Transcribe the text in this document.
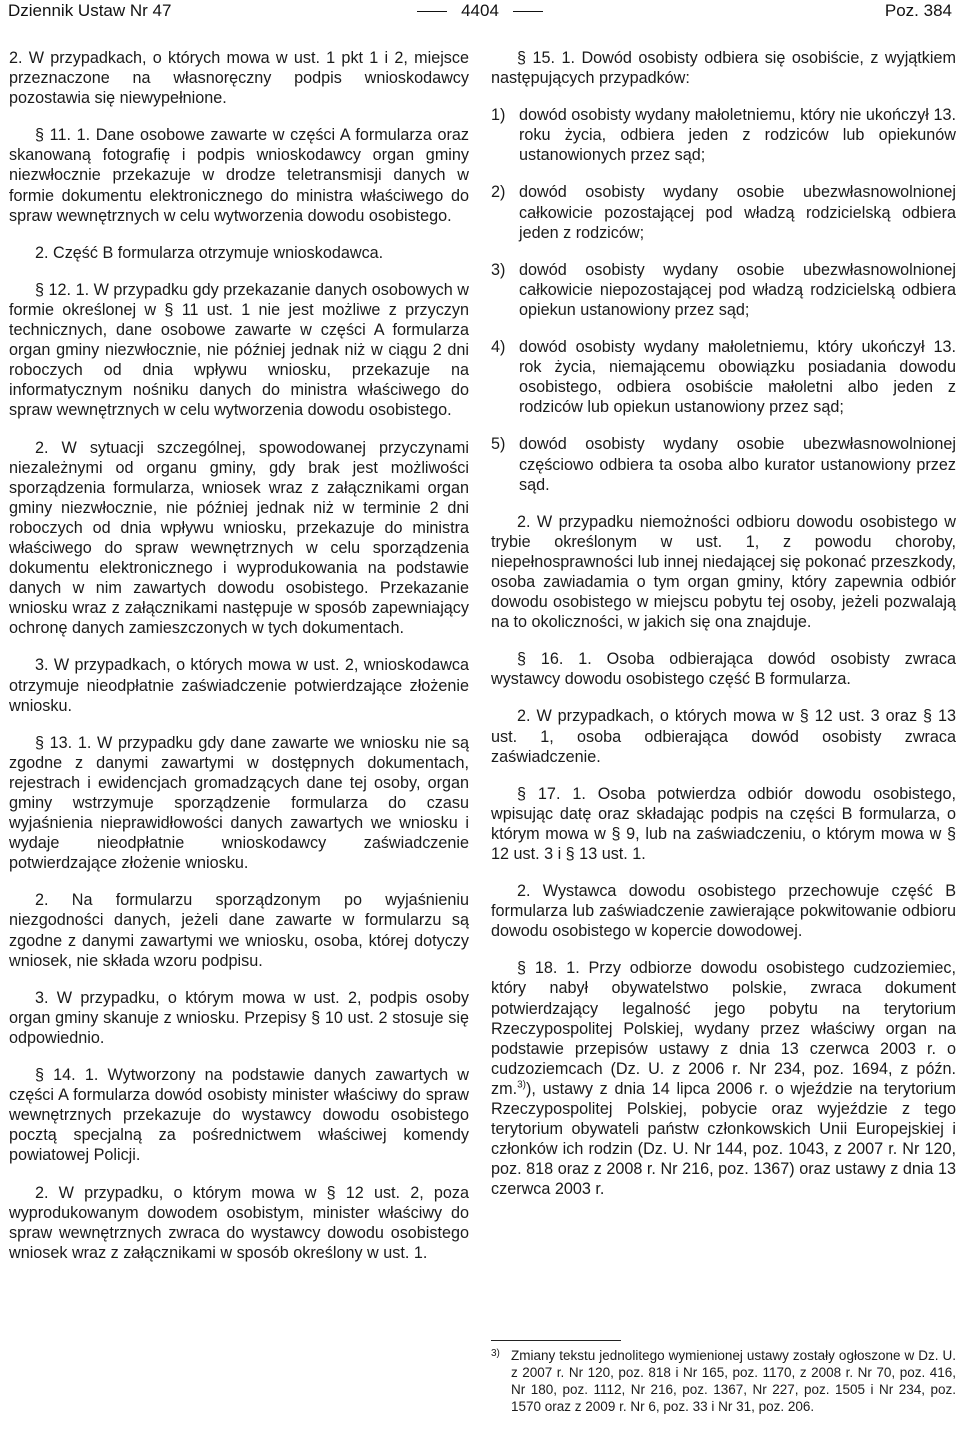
Dziennik Ustaw Nr 47	4404	Poz. 384

2. W przypadkach, o których mowa w ust. 1 pkt 1 i 2, miejsce przeznaczone na własnoręczny podpis wnioskodawcy pozostawia się niewypełnione.

§ 11. 1. Dane osobowe zawarte w części A formularza oraz skanowaną fotografię i podpis wnioskodawcy organ gminy niezwłocznie przekazuje w drodze teletransmisji danych w formie dokumentu elektronicznego do ministra właściwego do spraw wewnętrznych w celu wytworzenia dowodu osobistego.

2. Część B formularza otrzymuje wnioskodawca.

§ 12. 1. W przypadku gdy przekazanie danych osobowych w formie określonej w § 11 ust. 1 nie jest możliwe z przyczyn technicznych, dane osobowe zawarte w części A formularza organ gminy niezwłocznie, nie później jednak niż w ciągu 2 dni roboczych od dnia wpływu wniosku, przekazuje na informatycznym nośniku danych do ministra właściwego do spraw wewnętrznych w celu wytworzenia dowodu osobistego.

2. W sytuacji szczególnej, spowodowanej przyczynami niezależnymi od organu gminy, gdy brak jest możliwości sporządzenia formularza, wniosek wraz z załącznikami organ gminy niezwłocznie, nie później jednak niż w terminie 2 dni roboczych od dnia wpływu wniosku, przekazuje do ministra właściwego do spraw wewnętrznych w celu sporządzenia dokumentu elektronicznego i wyprodukowania na podstawie danych w nim zawartych dowodu osobistego. Przekazanie wniosku wraz z załącznikami następuje w sposób zapewniający ochronę danych zamieszczonych w tych dokumentach.

3. W przypadkach, o których mowa w ust. 2, wnioskodawca otrzymuje nieodpłatnie zaświadczenie potwierdzające złożenie wniosku.

§ 13. 1. W przypadku gdy dane zawarte we wniosku nie są zgodne z danymi zawartymi w dostępnych dokumentach, rejestrach i ewidencjach gromadzących dane tej osoby, organ gminy wstrzymuje sporządzenie formularza do czasu wyjaśnienia nieprawidłowości danych zawartych we wniosku i wydaje nieodpłatnie wnioskodawcy zaświadczenie potwierdzające złożenie wniosku.

2. Na formularzu sporządzonym po wyjaśnieniu niezgodności danych, jeżeli dane zawarte w formularzu są zgodne z danymi zawartymi we wniosku, osoba, której dotyczy wniosek, nie składa wzoru podpisu.

3. W przypadku, o którym mowa w ust. 2, podpis osoby organ gminy skanuje z wniosku. Przepisy § 10 ust. 2 stosuje się odpowiednio.

§ 14. 1. Wytworzony na podstawie danych zawartych w części A formularza dowód osobisty minister właściwy do spraw wewnętrznych przekazuje do wystawcy dowodu osobistego pocztą specjalną za pośrednictwem właściwej komendy powiatowej Policji.

2. W przypadku, o którym mowa w § 12 ust. 2, poza wyprodukowanym dowodem osobistym, minister właściwy do spraw wewnętrznych zwraca do wystawcy dowodu osobistego wniosek wraz z załącznikami w sposób określony w ust. 1.

§ 15. 1. Dowód osobisty odbiera się osobiście, z wyjątkiem następujących przypadków:

1) dowód osobisty wydany małoletniemu, który nie ukończył 13. roku życia, odbiera jeden z rodziców lub opiekunów ustanowionych przez sąd;
2) dowód osobisty wydany osobie ubezwłasnowolnionej całkowicie pozostającej pod władzą rodzicielską odbiera jeden z rodziców;
3) dowód osobisty wydany osobie ubezwłasnowolnionej całkowicie niepozostającej pod władzą rodzicielską odbiera opiekun ustanowiony przez sąd;
4) dowód osobisty wydany małoletniemu, który ukończył 13. rok życia, niemającemu obowiązku posiadania dowodu osobistego, odbiera osobiście małoletni albo jeden z rodziców lub opiekun ustanowiony przez sąd;
5) dowód osobisty wydany osobie ubezwłasnowolnionej częściowo odbiera ta osoba albo kurator ustanowiony przez sąd.

2. W przypadku niemożności odbioru dowodu osobistego w trybie określonym w ust. 1, z powodu choroby, niepełnosprawności lub innej niedającej się pokonać przeszkody, osoba zawiadamia o tym organ gminy, który zapewnia odbiór dowodu osobistego w miejscu pobytu tej osoby, jeżeli pozwalają na to okoliczności, w jakich się ona znajduje.

§ 16. 1. Osoba odbierająca dowód osobisty zwraca wystawcy dowodu osobistego część B formularza.

2. W przypadkach, o których mowa w § 12 ust. 3 oraz § 13 ust. 1, osoba odbierająca dowód osobisty zwraca zaświadczenie.

§ 17. 1. Osoba potwierdza odbiór dowodu osobistego, wpisując datę oraz składając podpis na części B formularza, o którym mowa w § 9, lub na zaświadczeniu, o którym mowa w § 12 ust. 3 i § 13 ust. 1.

2. Wystawca dowodu osobistego przechowuje część B formularza lub zaświadczenie zawierające pokwitowanie odbioru dowodu osobistego w kopercie dowodowej.

§ 18. 1. Przy odbiorze dowodu osobistego cudzoziemiec, który nabył obywatelstwo polskie, zwraca dokument potwierdzający legalność jego pobytu na terytorium Rzeczypospolitej Polskiej, wydany przez właściwy organ na podstawie przepisów ustawy z dnia 13 czerwca 2003 r. o cudzoziemcach (Dz. U. z 2006 r. Nr 234, poz. 1694, z późn. zm.$^{3)}$), ustawy z dnia 14 lipca 2006 r. o wjeździe na terytorium Rzeczypospolitej Polskiej, pobycie oraz wyjeździe z tego terytorium obywateli państw członkowskich Unii Europejskiej i członków ich rodzin (Dz. U. Nr 144, poz. 1043, z 2007 r. Nr 120, poz. 818 oraz z 2008 r. Nr 216, poz. 1367) oraz ustawy z dnia 13 czerwca 2003 r.

3) Zmiany tekstu jednolitego wymienionej ustawy zostały ogłoszone w Dz. U. z 2007 r. Nr 120, poz. 818 i Nr 165, poz. 1170, z 2008 r. Nr 70, poz. 416, Nr 180, poz. 1112, Nr 216, poz. 1367, Nr 227, poz. 1505 i Nr 234, poz. 1570 oraz z 2009 r. Nr 6, poz. 33 i Nr 31, poz. 206.
